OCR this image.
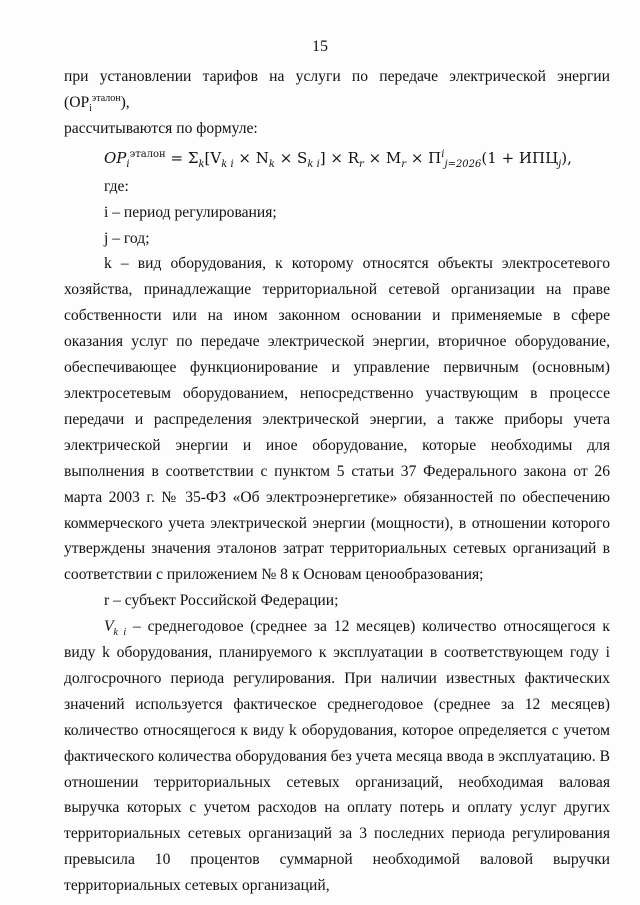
15

при установлении тарифов на услуги по передаче электрической энергии $(ОР_i^{эталон})$,
рассчитываются по формуле:

$ОР_i^{эталон} = \Sigma_k[V_{k i} \times N_k \times S_{k i}] \times R_r \times M_r \times \Pi^i_{j=2026}(1 + ИПЦ_j)$,

где:

i – период регулирования;

j – год;

k – вид оборудования, к которому относятся объекты электросетевого хозяйства, принадлежащие территориальной сетевой организации на праве собственности или на ином законном основании и применяемые в сфере оказания услуг по передаче электрической энергии, вторичное оборудование, обеспечивающее функционирование и управление первичным (основным) электросетевым оборудованием, непосредственно участвующим в процессе передачи и распределения электрической энергии, а также приборы учета электрической энергии и иное оборудование, которые необходимы для выполнения в соответствии с пунктом 5 статьи 37 Федерального закона от 26 марта 2003 г. № 35-ФЗ «Об электроэнергетике» обязанностей по обеспечению коммерческого учета электрической энергии (мощности), в отношении которого утверждены значения эталонов затрат территориальных сетевых организаций в соответствии с приложением № 8 к Основам ценообразования;

r – субъект Российской Федерации;

$V_{k i}$ – среднегодовое (среднее за 12 месяцев) количество относящегося к виду k оборудования, планируемого к эксплуатации в соответствующем году i долгосрочного периода регулирования. При наличии известных фактических значений используется фактическое среднегодовое (среднее за 12 месяцев) количество относящегося к виду k оборудования, которое определяется с учетом фактического количества оборудования без учета месяца ввода в эксплуатацию. В отношении территориальных сетевых организаций, необходимая валовая выручка которых с учетом расходов на оплату потерь и оплату услуг других территориальных сетевых организаций за 3 последних периода регулирования превысила 10 процентов суммарной необходимой валовой выручки территориальных сетевых организаций,
